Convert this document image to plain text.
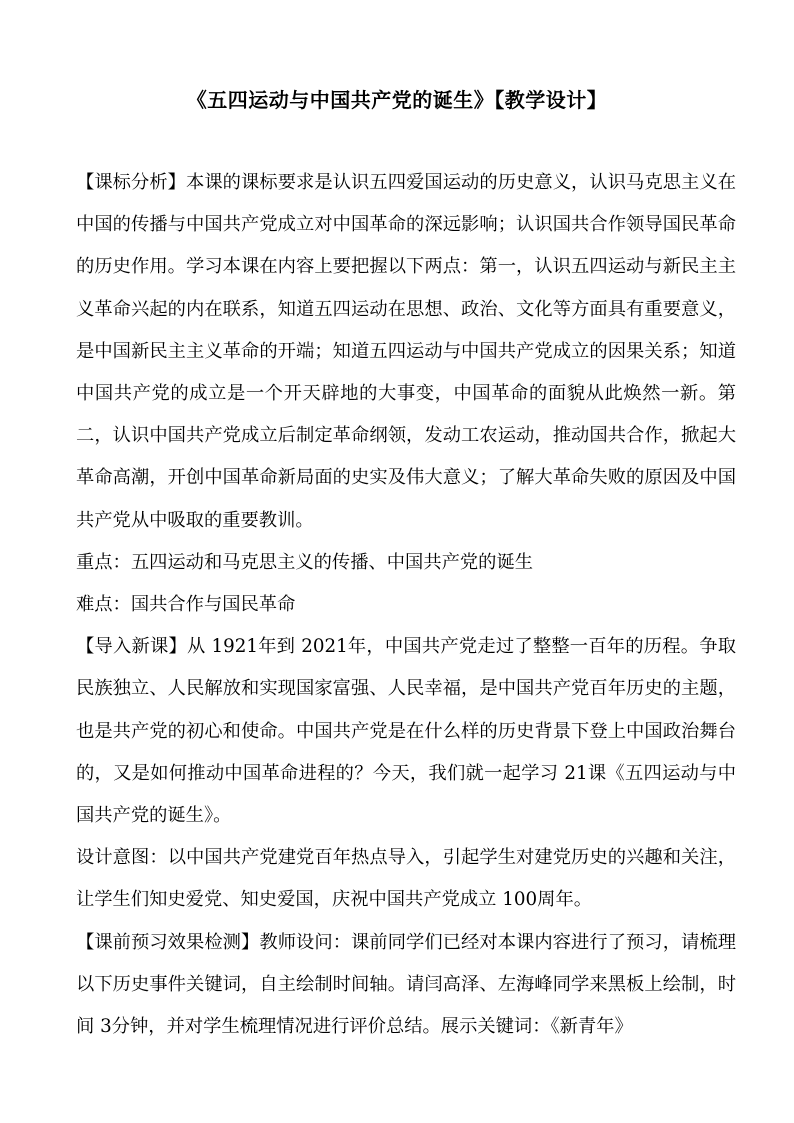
《五四运动与中国共产党的诞生》【教学设计】

【课标分析】本课的课标要求是认识五四爱国运动的历史意义，认识马克思主义在中国的传播与中国共产党成立对中国革命的深远影响；认识国共合作领导国民革命的历史作用。学习本课在内容上要把握以下两点：第一，认识五四运动与新民主主义革命兴起的内在联系，知道五四运动在思想、政治、文化等方面具有重要意义，是中国新民主主义革命的开端；知道五四运动与中国共产党成立的因果关系；知道中国共产党的成立是一个开天辟地的大事变，中国革命的面貌从此焕然一新。第二，认识中国共产党成立后制定革命纲领，发动工农运动，推动国共合作，掀起大革命高潮，开创中国革命新局面的史实及伟大意义；了解大革命失败的原因及中国共产党从中吸取的重要教训。

重点：五四运动和马克思主义的传播、中国共产党的诞生

难点：国共合作与国民革命

【导入新课】从 1921年到 2021年，中国共产党走过了整整一百年的历程。争取民族独立、人民解放和实现国家富强、人民幸福，是中国共产党百年历史的主题，也是共产党的初心和使命。中国共产党是在什么样的历史背景下登上中国政治舞台的，又是如何推动中国革命进程的？今天，我们就一起学习 21课《五四运动与中国共产党的诞生》。

设计意图：以中国共产党建党百年热点导入，引起学生对建党历史的兴趣和关注，让学生们知史爱党、知史爱国，庆祝中国共产党成立 100周年。

【课前预习效果检测】教师设问：课前同学们已经对本课内容进行了预习，请梳理以下历史事件关键词，自主绘制时间轴。请闫高泽、左海峰同学来黑板上绘制，时间 3分钟，并对学生梳理情况进行评价总结。展示关键词：《新青年》
